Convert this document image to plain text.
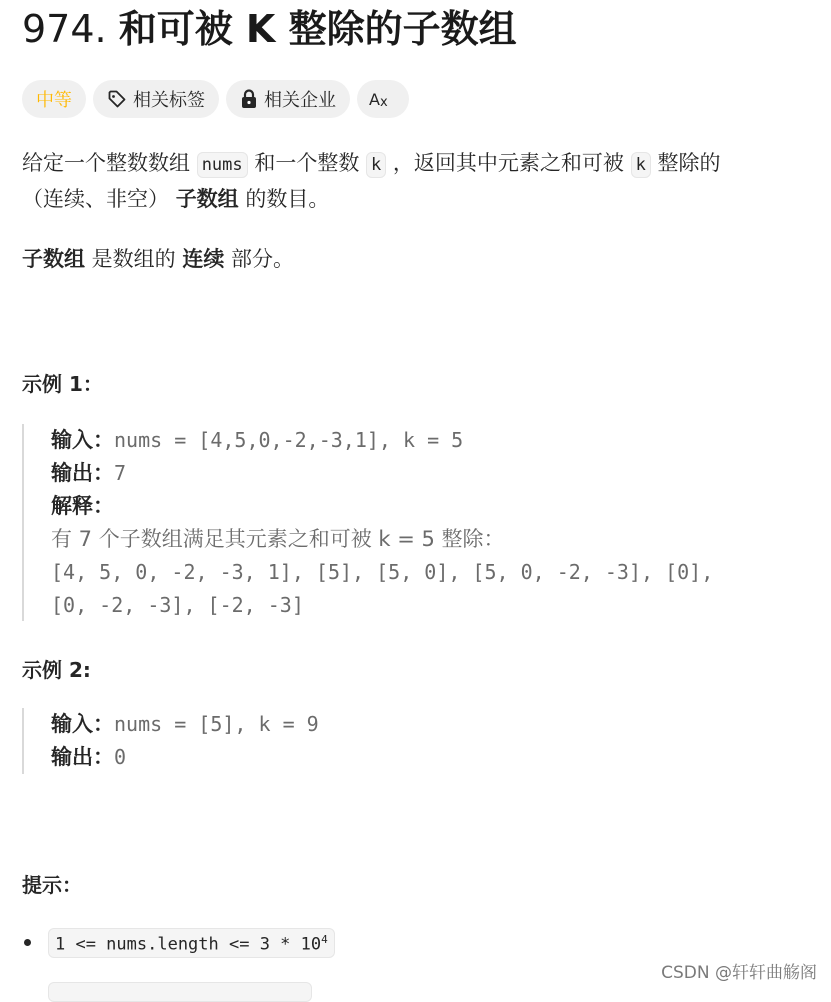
974. 和可被 K 整除的子数组
中等	相关标签	相关企业 A x

给定一个整数数组 nums 和一个整数 k ，返回其中元素之和可被 k 整除的
（连续、非空） 子数组 的数目。

子数组 是数组的 连续 部分。

示例 1：
输入：nums = [4,5,0,-2,-3,1], k = 5
输出：7
解释：
有 7 个子数组满足其元素之和可被 k = 5 整除：
[4, 5, 0, -2, -3, 1], [5], [5, 0], [5, 0, -2, -3], [0],
[0, -2, -3], [-2, -3]
示例 2:
输入：nums = [5], k = 9
输出：0
提示：
1 <= nums.length <= $3 * 10^4$
CSDN @轩轩曲觞阁
